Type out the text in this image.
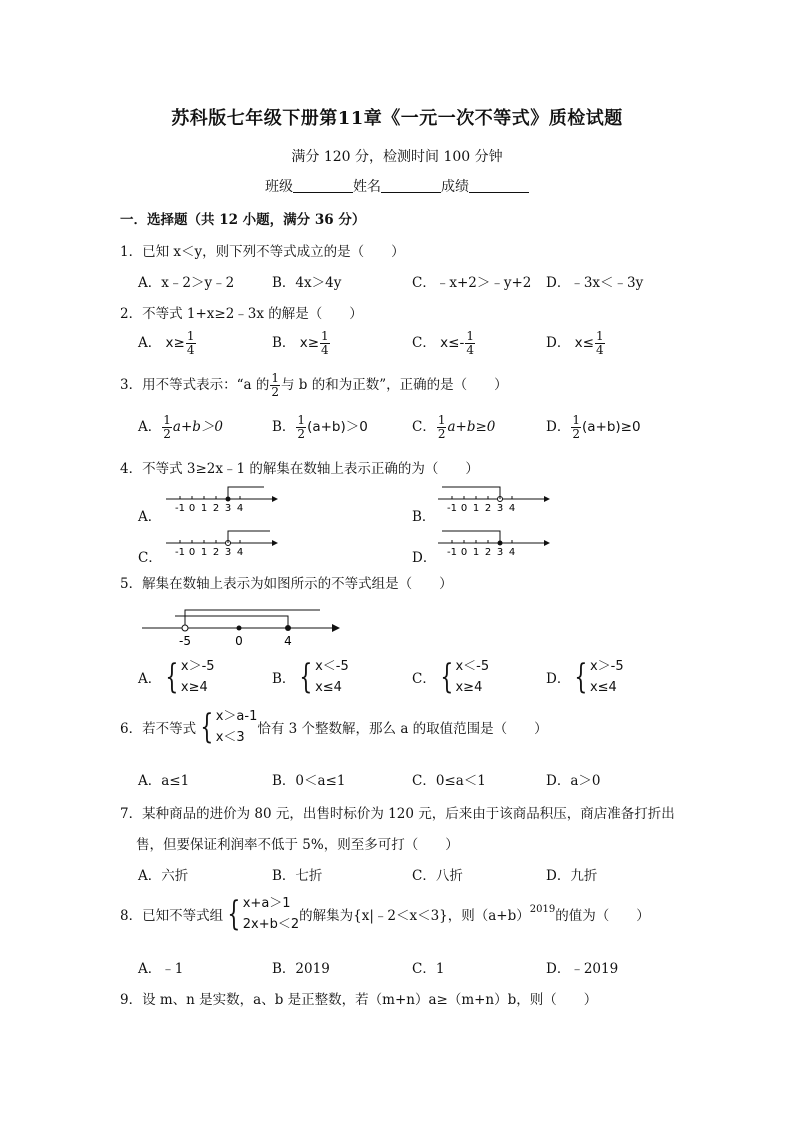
苏科版七年级下册第11章《一元一次不等式》质检试题
满分 120 分，检测时间 100 分钟
班级	姓名	成绩
一．选择题（共 12 小题，满分 36 分）
1．已知 x＜y，则下列不等式成立的是（　　）
A．x﹣2＞y﹣2	B．4x＞4y	C．﹣x+2＞﹣y+2 D．﹣3x＜﹣3y
2．不等式 1+x≥2﹣3x 的解是（　　）
A． $x\ge \frac{1}{4}$	B． $x\ge \frac{1}{4}$	C． $x\le- \frac{1}{4}$	D． $x\le \frac{1}{4}$
3．用不等式表示：“a 的 $\frac{1}{2}$ 与 b 的和为正数”，正确的是（　　）
A． $\frac{1}{2} a+b>0$	B． $\frac{1}{2} (a+b)>0$	C． $\frac{1}{2} a+b\ge 0$	D． $\frac{1}{2} (a+b)\ge 0$
4．不等式 3≥2x﹣1 的解集在数轴上表示正确的为（　　）
A．	B．
C．	D．
-1 0 1 2 3 4	-1 0 1 2 3 4
-1 0 1 2 3 4	-1 0 1 2 3 4
5．解集在数轴上表示为如图所示的不等式组是（　　）
-5	0	4
A． { x＞-5
x≥4
B． { x＜-5
x≤4
C． { x＜-5
x≥4
D． { x＞-5
x≤4
6．若不等式 { x＞a-1
x＜3
恰有 3 个整数解，那么 a 的取值范围是（　　）
A．a≤1	B．0＜a≤1	C．0≤a＜1	D．a＞0
7．某种商品的进价为 80 元，出售时标价为 120 元，后来由于该商品积压，商店准备打折出
售，但要保证利润率不低于 5%，则至多可打（　　）
A．六折	B．七折	C．八折	D．九折
8．已知不等式组 { x+a＞1
2x+b＜2
的解集为{x|﹣2＜x＜3}，则$(a+b)^{2019}$的值为（　　）
A．﹣1	B．2019	C．1	D．﹣2019
9．设 m、n 是实数，a、b 是正整数，若（m+n）a≥（m+n）b，则（　　）
